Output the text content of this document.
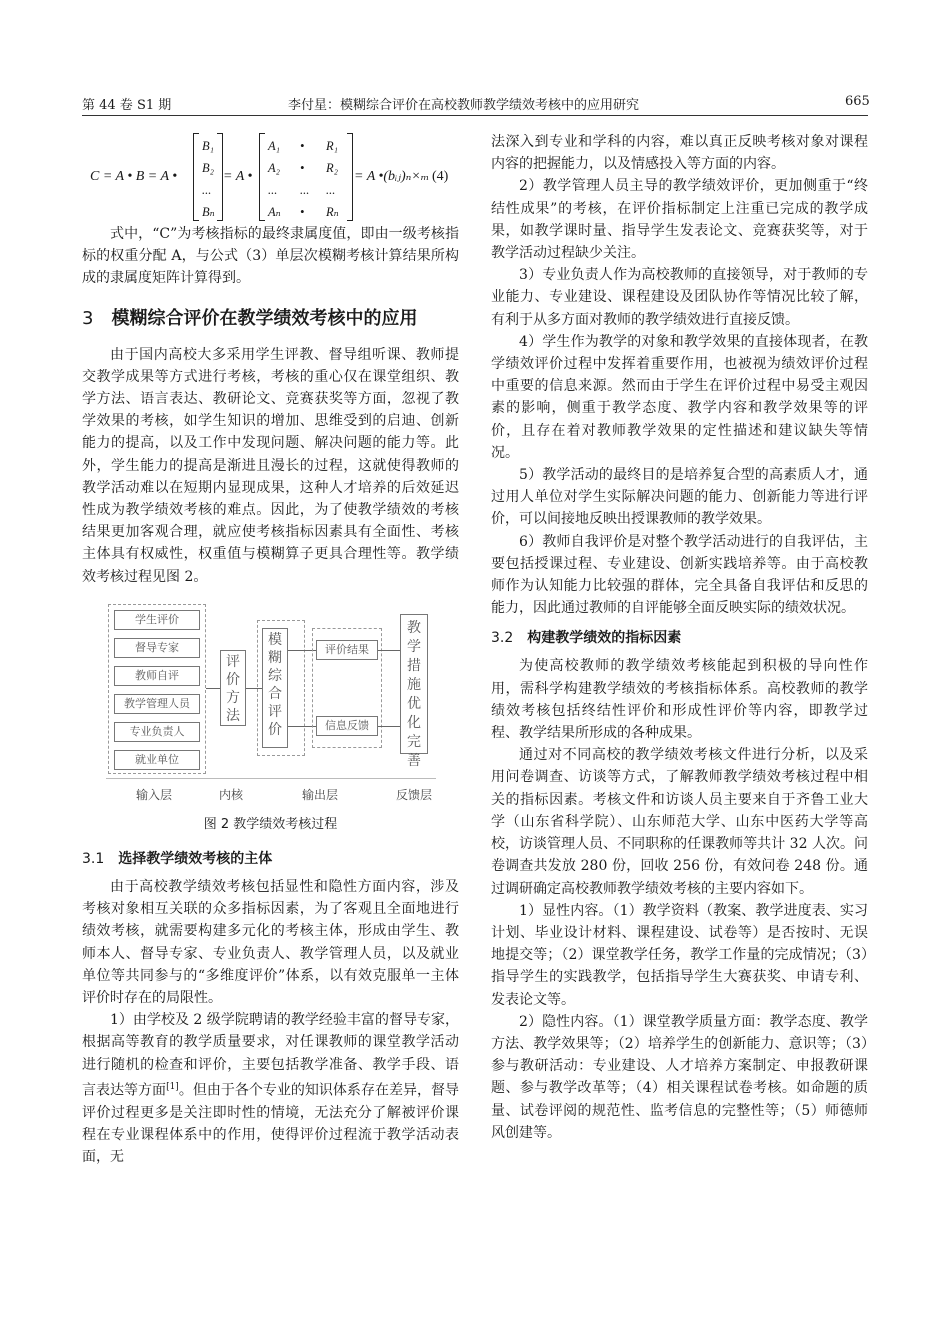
第 44 卷 S1 期	李付星：模糊综合评价在高校教师教学绩效考核中的应用研究	665
C = A • B = A •
B₁
B₂
...
Bₙ
= A •
A₁
A₂
...
Aₙ
•
•
...
•
R₁
R₂
...
Rₙ
= A •(bᵢⱼ)ₙ×ₘ (4)

式中，“C”为考核指标的最终隶属度值，即由一级考核指标的权重分配 A，与公式（3）单层次模糊考核计算结果所构成的隶属度矩阵计算得到。

3 模糊综合评价在教学绩效考核中的应用

由于国内高校大多采用学生评教、督导组听课、教师提交教学成果等方式进行考核，考核的重心仅在课堂组织、教学方法、语言表达、教研论文、竞赛获奖等方面，忽视了教学效果的考核，如学生知识的增加、思维受到的启迪、创新能力的提高，以及工作中发现问题、解决问题的能力等。此外，学生能力的提高是渐进且漫长的过程，这就使得教师的教学活动难以在短期内显现成果，这种人才培养的后效延迟性成为教学绩效考核的难点。因此，为了使教学绩效的考核结果更加客观合理，就应使考核指标因素具有全面性、考核主体具有权威性，权重值与模糊算子更具合理性等。教学绩效考核过程见图 2。

学生评价
督导专家
教师自评
教学管理人员
专业负责人
就业单位
评价方法
模糊综合评价
评价结果
信息反馈
教学措施优化完善
输入层	内核	输出层	反馈层
图 2 教学绩效考核过程
3.1 选择教学绩效考核的主体

由于高校教学绩效考核包括显性和隐性方面内容，涉及考核对象相互关联的众多指标因素，为了客观且全面地进行绩效考核，就需要构建多元化的考核主体，形成由学生、教师本人、督导专家、专业负责人、教学管理人员，以及就业单位等共同参与的“多维度评价”体系，以有效克服单一主体评价时存在的局限性。

1）由学校及 2 级学院聘请的教学经验丰富的督导专家，根据高等教育的教学质量要求，对任课教师的课堂教学活动进行随机的检查和评价，主要包括教学准备、教学手段、语言表达等方面[1]。但由于各个专业的知识体系存在差异，督导评价过程更多是关注即时性的情境，无法充分了解被评价课程在专业课程体系中的作用，使得评价过程流于教学活动表面，无

法深入到专业和学科的内容，难以真正反映考核对象对课程内容的把握能力，以及情感投入等方面的内容。

2）教学管理人员主导的教学绩效评价，更加侧重于“终结性成果”的考核，在评价指标制定上注重已完成的教学成果，如教学课时量、指导学生发表论文、竞赛获奖等，对于教学活动过程缺少关注。

3）专业负责人作为高校教师的直接领导，对于教师的专业能力、专业建设、课程建设及团队协作等情况比较了解，有利于从多方面对教师的教学绩效进行直接反馈。

4）学生作为教学的对象和教学效果的直接体现者，在教学绩效评价过程中发挥着重要作用，也被视为绩效评价过程中重要的信息来源。然而由于学生在评价过程中易受主观因素的影响，侧重于教学态度、教学内容和教学效果等的评价，且存在着对教师教学效果的定性描述和建议缺失等情况。

5）教学活动的最终目的是培养复合型的高素质人才，通过用人单位对学生实际解决问题的能力、创新能力等进行评价，可以间接地反映出授课教师的教学效果。

6）教师自我评价是对整个教学活动进行的自我评估，主要包括授课过程、专业建设、创新实践培养等。由于高校教师作为认知能力比较强的群体，完全具备自我评估和反思的能力，因此通过教师的自评能够全面反映实际的绩效状况。

3.2 构建教学绩效的指标因素

为使高校教师的教学绩效考核能起到积极的导向性作用，需科学构建教学绩效的考核指标体系。高校教师的教学绩效考核包括终结性评价和形成性评价等内容，即教学过程、教学结果所形成的各种成果。

通过对不同高校的教学绩效考核文件进行分析，以及采用问卷调查、访谈等方式，了解教师教学绩效考核过程中相关的指标因素。考核文件和访谈人员主要来自于齐鲁工业大学（山东省科学院）、山东师范大学、山东中医药大学等高校，访谈管理人员、不同职称的任课教师等共计 32 人次。问卷调查共发放 280 份，回收 256 份，有效问卷 248 份。通过调研确定高校教师教学绩效考核的主要内容如下。

1）显性内容。（1）教学资料（教案、教学进度表、实习计划、毕业设计材料、课程建设、试卷等）是否按时、无误地提交等；（2）课堂教学任务，教学工作量的完成情况；（3）指导学生的实践教学，包括指导学生大赛获奖、申请专利、发表论文等。

2）隐性内容。（1）课堂教学质量方面：教学态度、教学方法、教学效果等；（2）培养学生的创新能力、意识等；（3）参与教研活动：专业建设、人才培养方案制定、申报教研课题、参与教学改革等；（4）相关课程试卷考核。如命题的质量、试卷评阅的规范性、监考信息的完整性等；（5）师德师风创建等。
